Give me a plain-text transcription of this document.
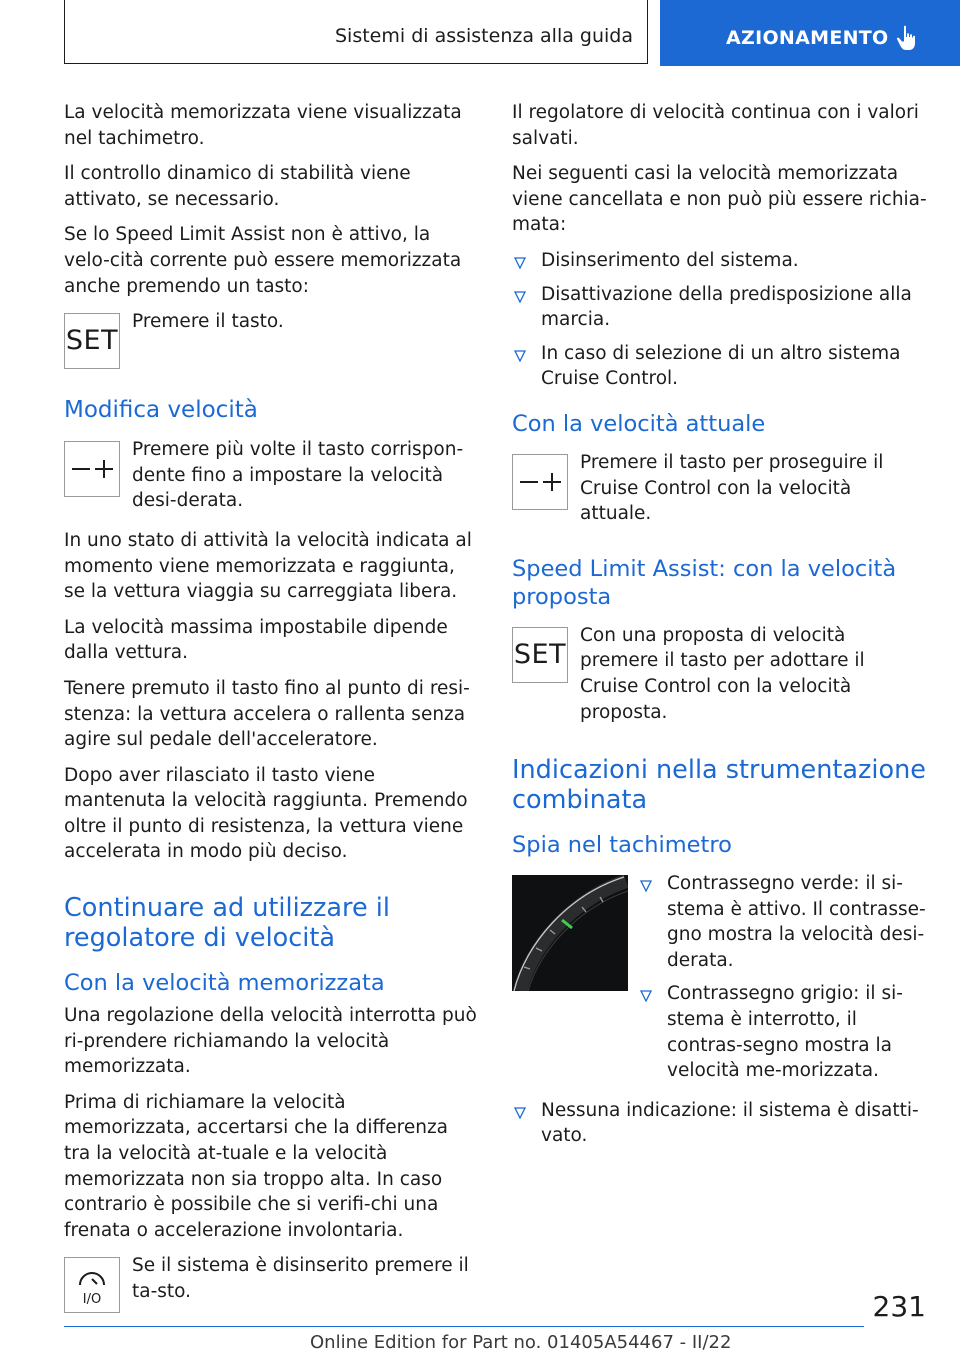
Sistemi di assistenza alla guida	AZIONAMENTO

La velocità memorizzata viene visualizzata nel tachimetro.

Il controllo dinamico di stabilità viene attivato, se necessario.

Se lo Speed Limit Assist non è attivo, la velo-cità corrente può essere memorizzata anche premendo un tasto:

SET

Premere il tasto.

Modifica velocità

Premere più volte il tasto corrispon-dente fino a impostare la velocità desi-derata.

In uno stato di attività la velocità indicata al momento viene memorizzata e raggiunta, se la vettura viaggia su carreggiata libera.

La velocità massima impostabile dipende dalla vettura.

Tenere premuto il tasto fino al punto di resi-stenza: la vettura accelera o rallenta senza agire sul pedale dell'acceleratore.

Dopo aver rilasciato il tasto viene mantenuta la velocità raggiunta. Premendo oltre il punto di resistenza, la vettura viene accelerata in modo più deciso.

Continuare ad utilizzare il regolatore di velocità
Con la velocità memorizzata

Una regolazione della velocità interrotta può ri-prendere richiamando la velocità memorizzata.

Prima di richiamare la velocità memorizzata, accertarsi che la differenza tra la velocità at-tuale e la velocità memorizzata non sia troppo alta. In caso contrario è possibile che si verifi-chi una frenata o accelerazione involontaria.

I/O

Se il sistema è disinserito premere il ta-sto.

Il regolatore di velocità continua con i valori salvati.

Nei seguenti casi la velocità memorizzata viene cancellata e non può più essere richia-mata:

Disinserimento del sistema.
Disattivazione della predisposizione alla marcia.
In caso di selezione di un altro sistema Cruise Control.
Con la velocità attuale

Premere il tasto per proseguire il Cruise Control con la velocità attuale.

Speed Limit Assist: con la velocità proposta
SET

Con una proposta di velocità premere il tasto per adottare il Cruise Control con la velocità proposta.

Indicazioni nella strumentazione combinata
Spia nel tachimetro
Contrassegno verde: il si-stema è attivo. Il contrasse-gno mostra la velocità desi-derata.
Contrassegno grigio: il si-stema è interrotto, il contras-segno mostra la velocità me-morizzata.
Nessuna indicazione: il sistema è disatti-vato.
231
Online Edition for Part no. 01405A54467 - II/22
